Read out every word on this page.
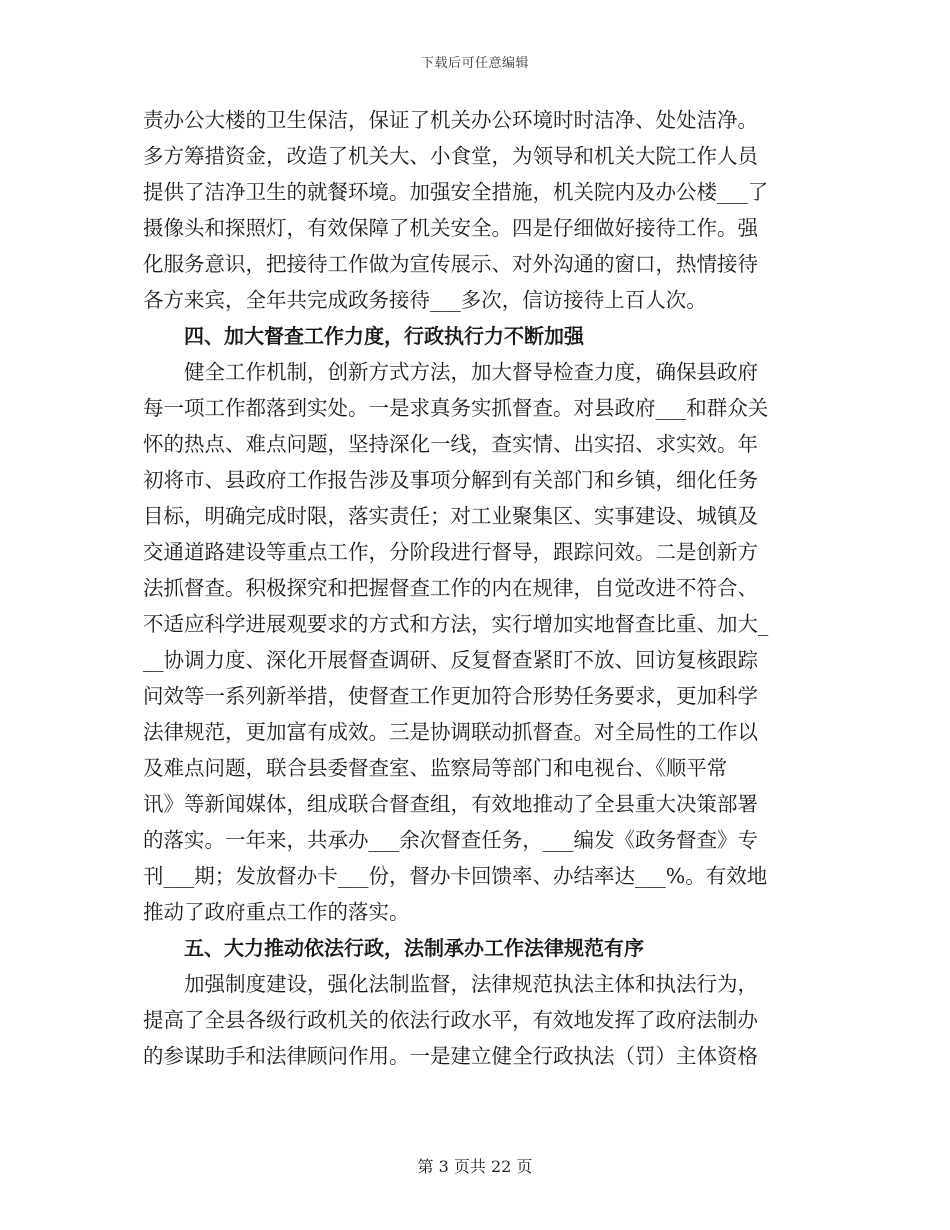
下载后可任意编辑
责办公大楼的卫生保洁，保证了机关办公环境时时洁净、处处洁净。
多方筹措资金，改造了机关大、小食堂，为领导和机关大院工作人员
提供了洁净卫生的就餐环境。加强安全措施，机关院内及办公楼___了
摄像头和探照灯，有效保障了机关安全。四是仔细做好接待工作。强
化服务意识，把接待工作做为宣传展示、对外沟通的窗口，热情接待
各方来宾，全年共完成政务接待___多次，信访接待上百人次。
四、加大督查工作力度，行政执行力不断加强
健全工作机制，创新方式方法，加大督导检查力度，确保县政府
每一项工作都落到实处。一是求真务实抓督查。对县政府___和群众关
怀的热点、难点问题，坚持深化一线，查实情、出实招、求实效。年
初将市、县政府工作报告涉及事项分解到有关部门和乡镇，细化任务
目标，明确完成时限，落实责任；对工业聚集区、实事建设、城镇及
交通道路建设等重点工作，分阶段进行督导，跟踪问效。二是创新方
法抓督查。积极探究和把握督查工作的内在规律，自觉改进不符合、
不适应科学进展观要求的方式和方法，实行增加实地督查比重、加大_
__协调力度、深化开展督查调研、反复督查紧盯不放、回访复核跟踪
问效等一系列新举措，使督查工作更加符合形势任务要求，更加科学
法律规范，更加富有成效。三是协调联动抓督查。对全局性的工作以
及难点问题，联合县委督查室、监察局等部门和电视台、《顺平常
讯》等新闻媒体，组成联合督查组，有效地推动了全县重大决策部署
的落实。一年来，共承办___余次督查任务，___编发《政务督查》专
刊___期；发放督办卡___份，督办卡回馈率、办结率达___%。有效地
推动了政府重点工作的落实。
五、大力推动依法行政，法制承办工作法律规范有序
加强制度建设，强化法制监督，法律规范执法主体和执法行为，
提高了全县各级行政机关的依法行政水平，有效地发挥了政府法制办
的参谋助手和法律顾问作用。一是建立健全行政执法（罚）主体资格
第 3 页共 22 页
